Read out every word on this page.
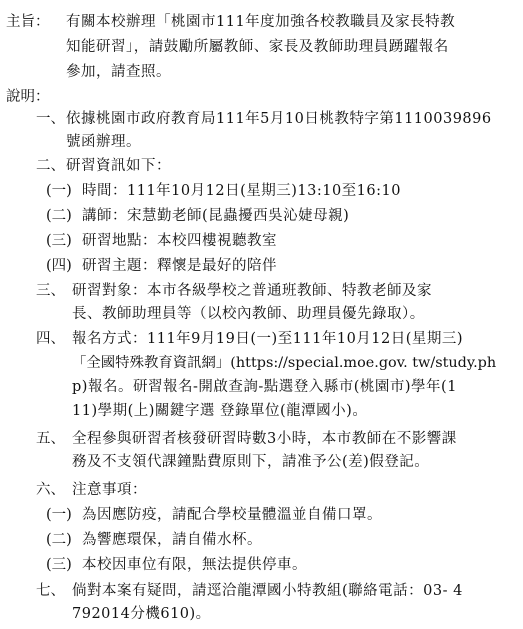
主旨： 有關本校辦理「桃園市111年度加強各校教職員及家長特教
知能研習」，請鼓勵所屬教師、家長及教師助理員踴躍報名
參加，請查照。
說明：
一、 依據桃園市政府教育局111年5月10日桃教特字第1110039896
號函辦理。
二、 研習資訊如下：
(一) 時間：111年10月12日(星期三)13:10至16:10
(二) 講師：宋慧勤老師(昆蟲擾西吳沁婕母親)
(三) 研習地點：本校四樓視聽教室
(四) 研習主題：釋懷是最好的陪伴
三、 研習對象：本市各級學校之普通班教師、特教老師及家
長、教師助理員等（以校內教師、助理員優先錄取）。
四、 報名方式：111年9月19日(一)至111年10月12日(星期三)
「全國特殊教育資訊網」(https://special.moe.gov. tw/study.ph
p)報名。研習報名-開啟查詢-點選登入縣市(桃園市)學年(1
11)學期(上)關鍵字選 登錄單位(龍潭國小)。
五、 全程參與研習者核發研習時數3小時，本市教師在不影響課
務及不支領代課鐘點費原則下，請准予公(差)假登記。
六、 注意事項：
(一) 為因應防疫，請配合學校量體溫並自備口罩。
(二) 為響應環保，請自備水杯。
(三) 本校因車位有限，無法提供停車。
七、 倘對本案有疑問，請逕洽龍潭國小特教組(聯絡電話：03- 4
792014分機610)。
